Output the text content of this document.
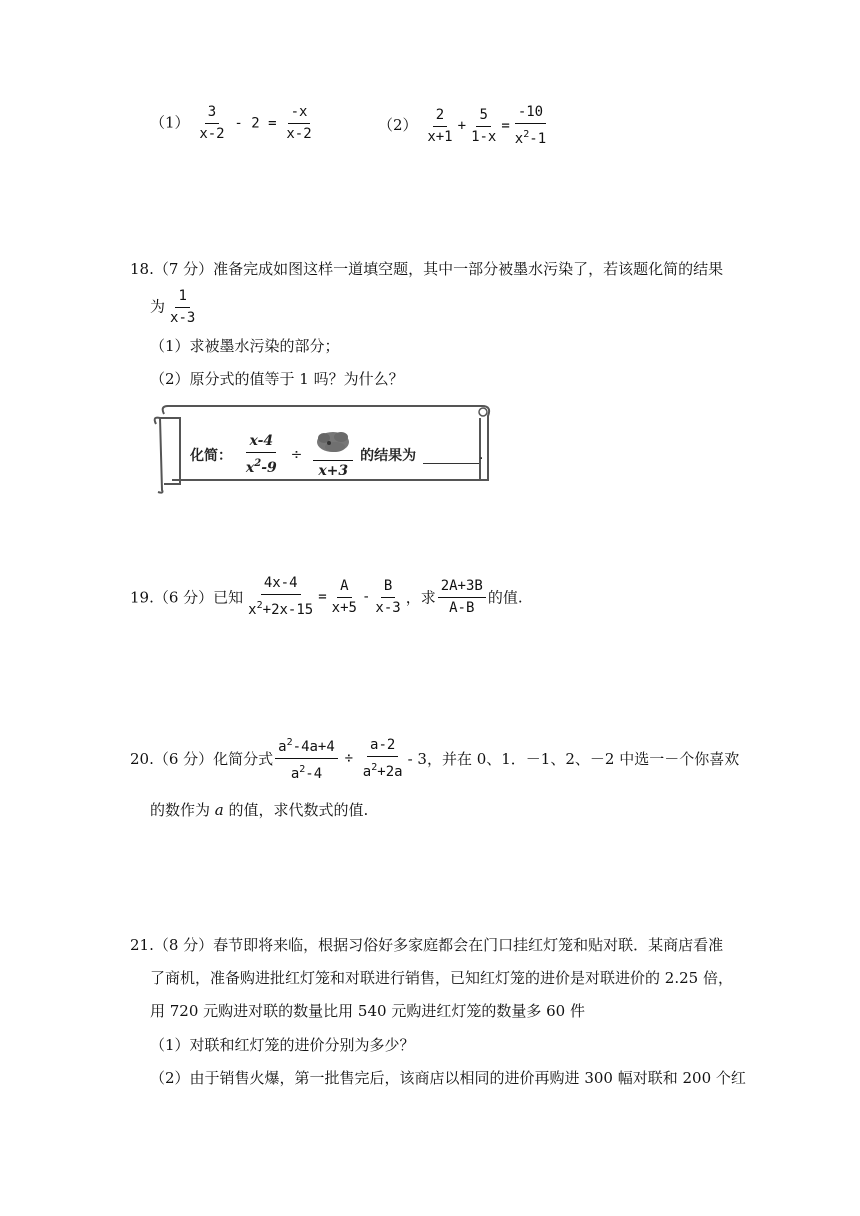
$(1) \frac{3}{x-2} - 2 = \frac{-x}{x-2}$	$(2) \frac{2}{x+1} + \frac{5}{1-x} = \frac{-10}{x^2-1}$
18.（7 分）准备完成如图这样一道填空题，其中一部分被墨水污染了，若该题化简的结果
为 $\frac{1}{x-3}$
（1）求被墨水污染的部分；
（2）原分式的值等于 1 吗？为什么？
化简： $\frac{x-4}{x^2-9}$ ÷
x+3
的结果为	.
19.（6 分）已知 $\frac{4x-4}{x^2+2x-15} = \frac{A}{x+5} - \frac{B}{x-3}$ ，求 $\frac{2A+3B}{A-B}$ 的值.
20.（6 分）化简分式 $\frac{a^2-4a+4}{a^2-4} \div \frac{a-2}{a^2+2a} - 3$，并在 0、1．－1、2、－2 中选一－个你喜欢
的数作为 a 的值，求代数式的值.
21.（8 分）春节即将来临，根据习俗好多家庭都会在门口挂红灯笼和贴对联．某商店看准
了商机，准备购进批红灯笼和对联进行销售，已知红灯笼的进价是对联进价的 2.25 倍，
用 720 元购进对联的数量比用 540 元购进红灯笼的数量多 60 件
（1）对联和红灯笼的进价分别为多少？
（2）由于销售火爆，第一批售完后，该商店以相同的进价再购进 300 幅对联和 200 个红
